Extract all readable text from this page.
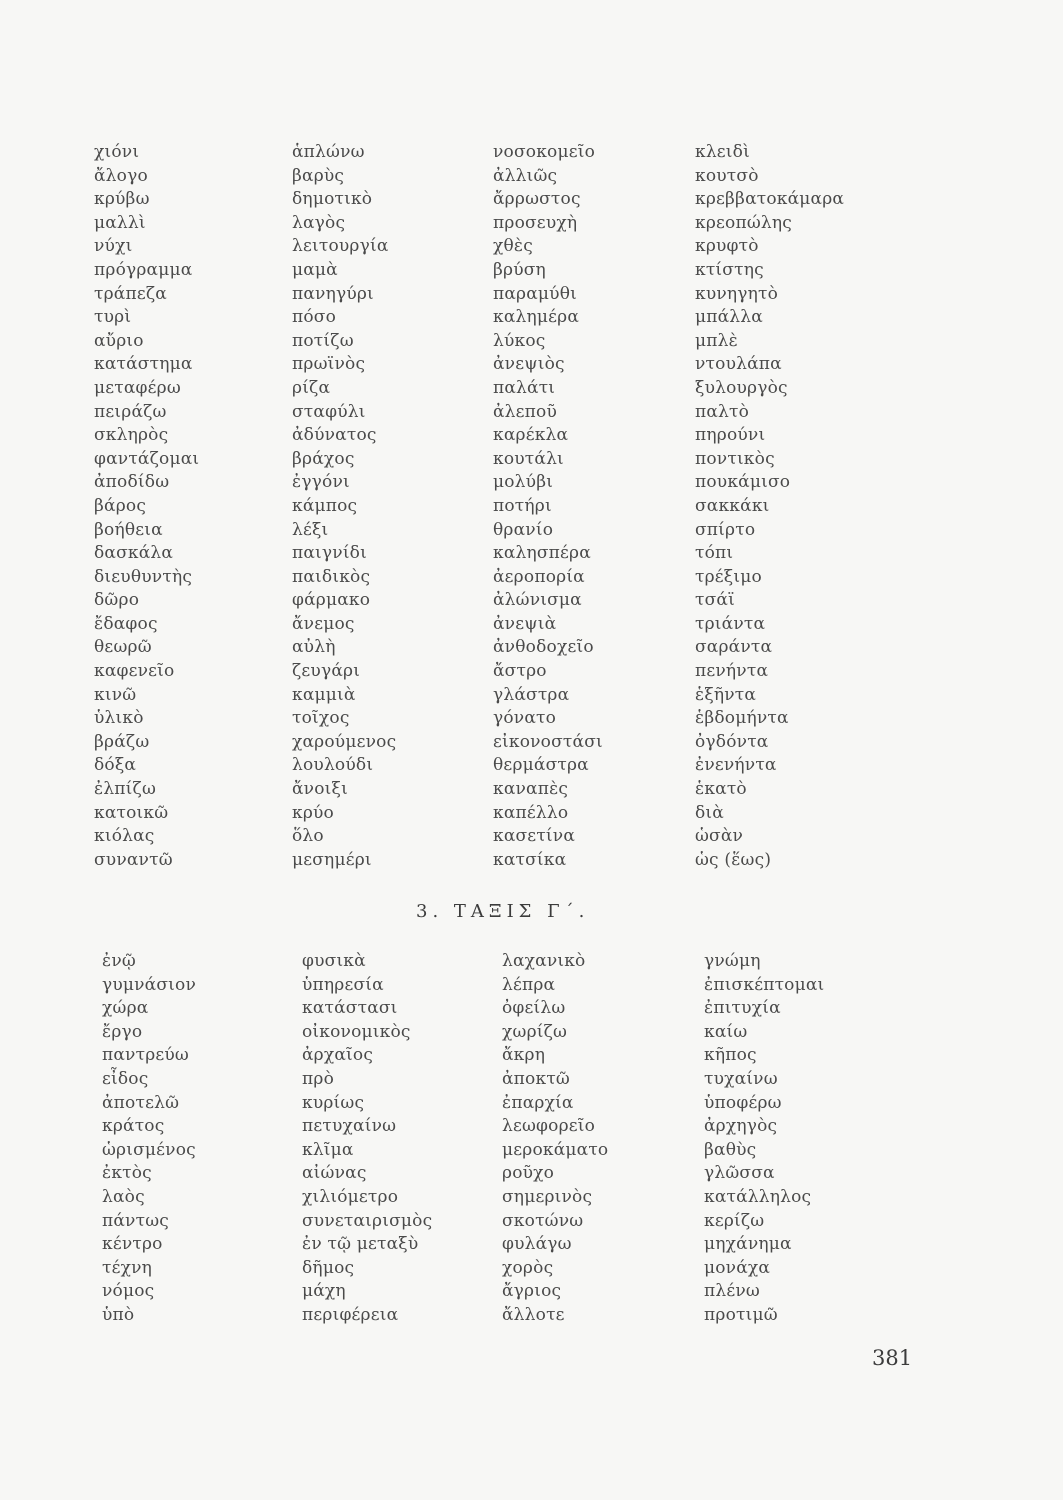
χιόνι
ἄλογο
κρύβω
μαλλὶ
νύχι
πρόγραμμα
τράπεζα
τυρὶ
αὔριο
κατάστημα
μεταφέρω
πειράζω
σκληρὸς
φαντάζομαι
ἀποδίδω
βάρος
βοήθεια
δασκάλα
διευθυντὴς
δῶρο
ἔδαφος
θεωρῶ
καφενεῖο
κινῶ
ὑλικὸ
βράζω
δόξα
ἐλπίζω
κατοικῶ
κιόλας
συναντῶ
ἁπλώνω
βαρὺς
δημοτικὸ
λαγὸς
λειτουργία
μαμὰ
πανηγύρι
πόσο
ποτίζω
πρωϊνὸς
ρίζα
σταφύλι
ἀδύνατος
βράχος
ἐγγόνι
κάμπος
λέξι
παιγνίδι
παιδικὸς
φάρμακο
ἄνεμος
αὐλὴ
ζευγάρι
καμμιὰ
τοῖχος
χαρούμενος
λουλούδι
ἄνοιξι
κρύο
ὅλο
μεσημέρι
νοσοκομεῖο
ἀλλιῶς
ἄρρωστος
προσευχὴ
χθὲς
βρύση
παραμύθι
καλημέρα
λύκος
ἀνεψιὸς
παλάτι
ἀλεποῦ
καρέκλα
κουτάλι
μολύβι
ποτήρι
θρανίο
καλησπέρα
ἀεροπορία
ἀλώνισμα
ἀνεψιὰ
ἀνθοδοχεῖο
ἄστρο
γλάστρα
γόνατο
εἰκονοστάσι
θερμάστρα
καναπὲς
καπέλλο
κασετίνα
κατσίκα
κλειδὶ
κουτσὸ
κρεββατοκάμαρα
κρεοπώλης
κρυφτὸ
κτίστης
κυνηγητὸ
μπάλλα
μπλὲ
ντουλάπα
ξυλουργὸς
παλτὸ
πηρούνι
ποντικὸς
πουκάμισο
σακκάκι
σπίρτο
τόπι
τρέξιμο
τσάϊ
τριάντα
σαράντα
πενήντα
ἑξῆντα
ἑβδομήντα
ὀγδόντα
ἐνενήντα
ἑκατὸ
διὰ
ὡσὰν
ὡς (ἕως)
3. ΤΑΞΙΣ Γ΄.
ἐνῷ
γυμνάσιον
χώρα
ἔργο
παντρεύω
εἶδος
ἀποτελῶ
κράτος
ὡρισμένος
ἐκτὸς
λαὸς
πάντως
κέντρο
τέχνη
νόμος
ὑπὸ
φυσικὰ
ὑπηρεσία
κατάστασι
οἰκονομικὸς
ἀρχαῖος
πρὸ
κυρίως
πετυχαίνω
κλῖμα
αἰώνας
χιλιόμετρο
συνεταιρισμὸς
ἐν τῷ μεταξὺ
δῆμος
μάχη
περιφέρεια
λαχανικὸ
λέπρα
ὀφείλω
χωρίζω
ἄκρη
ἀποκτῶ
ἐπαρχία
λεωφορεῖο
μεροκάματο
ροῦχο
σημερινὸς
σκοτώνω
φυλάγω
χορὸς
ἄγριος
ἄλλοτε
γνώμη
ἐπισκέπτομαι
ἐπιτυχία
καίω
κῆπος
τυχαίνω
ὑποφέρω
ἀρχηγὸς
βαθὺς
γλῶσσα
κατάλληλος
κερίζω
μηχάνημα
μονάχα
πλένω
προτιμῶ
381
